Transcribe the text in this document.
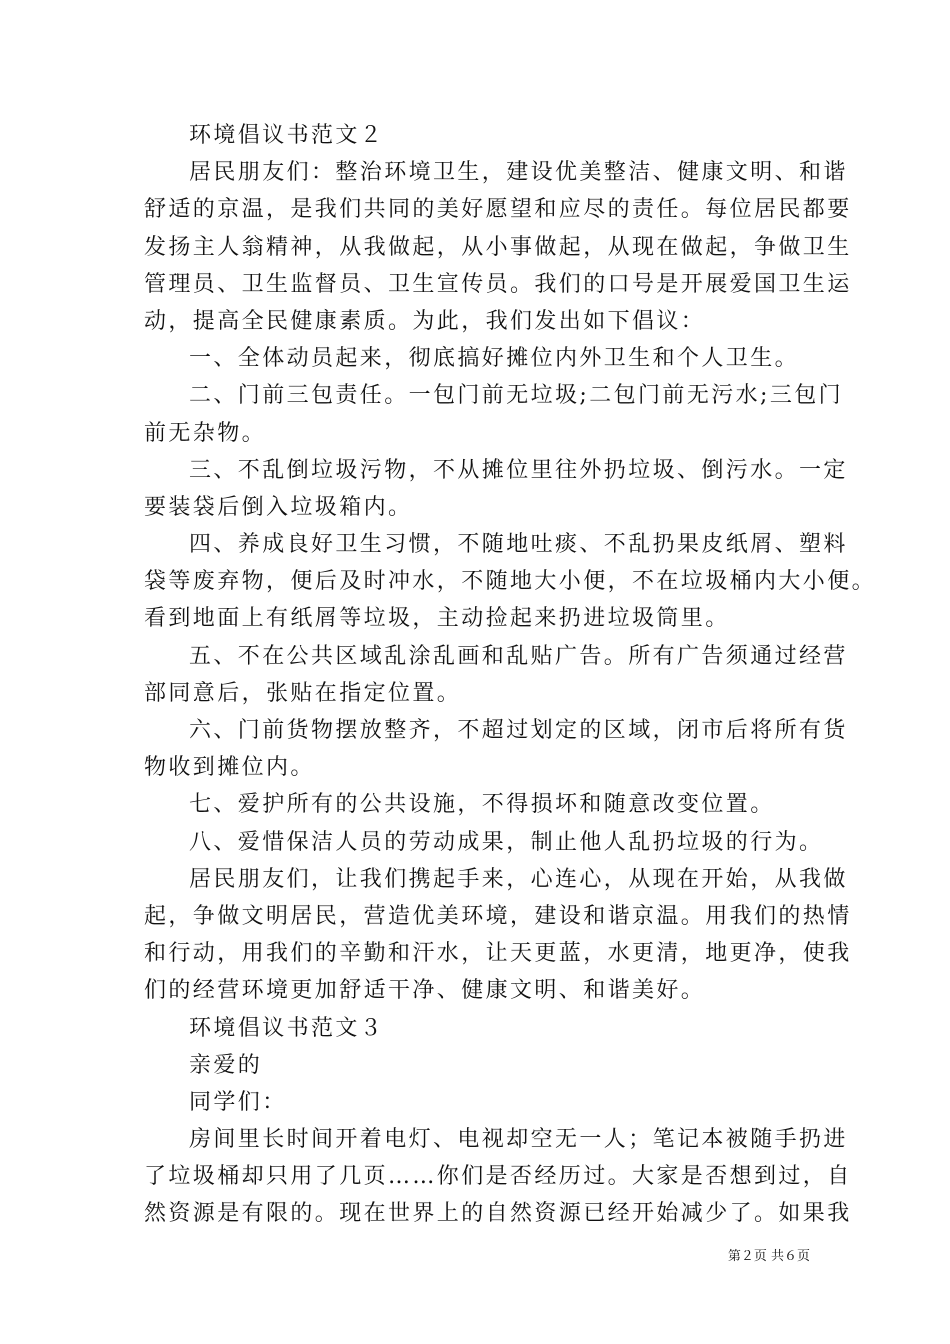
环境倡议书范文２
居民朋友们：整治环境卫生，建设优美整洁、健康文明、和谐
舒适的京温，是我们共同的美好愿望和应尽的责任。每位居民都要
发扬主人翁精神，从我做起，从小事做起，从现在做起，争做卫生
管理员、卫生监督员、卫生宣传员。我们的口号是开展爱国卫生运
动，提高全民健康素质。为此，我们发出如下倡议：
一、全体动员起来，彻底搞好摊位内外卫生和个人卫生。
二、门前三包责任。一包门前无垃圾;二包门前无污水;三包门
前无杂物。
三、不乱倒垃圾污物，不从摊位里往外扔垃圾、倒污水。一定
要装袋后倒入垃圾箱内。
四、养成良好卫生习惯，不随地吐痰、不乱扔果皮纸屑、塑料
袋等废弃物，便后及时冲水，不随地大小便，不在垃圾桶内大小便。
看到地面上有纸屑等垃圾，主动捡起来扔进垃圾筒里。
五、不在公共区域乱涂乱画和乱贴广告。所有广告须通过经营
部同意后，张贴在指定位置。
六、门前货物摆放整齐，不超过划定的区域，闭市后将所有货
物收到摊位内。
七、爱护所有的公共设施，不得损坏和随意改变位置。
八、爱惜保洁人员的劳动成果，制止他人乱扔垃圾的行为。
居民朋友们，让我们携起手来，心连心，从现在开始，从我做
起，争做文明居民，营造优美环境，建设和谐京温。用我们的热情
和行动，用我们的辛勤和汗水，让天更蓝，水更清，地更净，使我
们的经营环境更加舒适干净、健康文明、和谐美好。
环境倡议书范文３
亲爱的
同学们：
房间里长时间开着电灯、电视却空无一人；笔记本被随手扔进
了垃圾桶却只用了几页……你们是否经历过。大家是否想到过，自
然资源是有限的。现在世界上的自然资源已经开始减少了。如果我
第２页 共６页
